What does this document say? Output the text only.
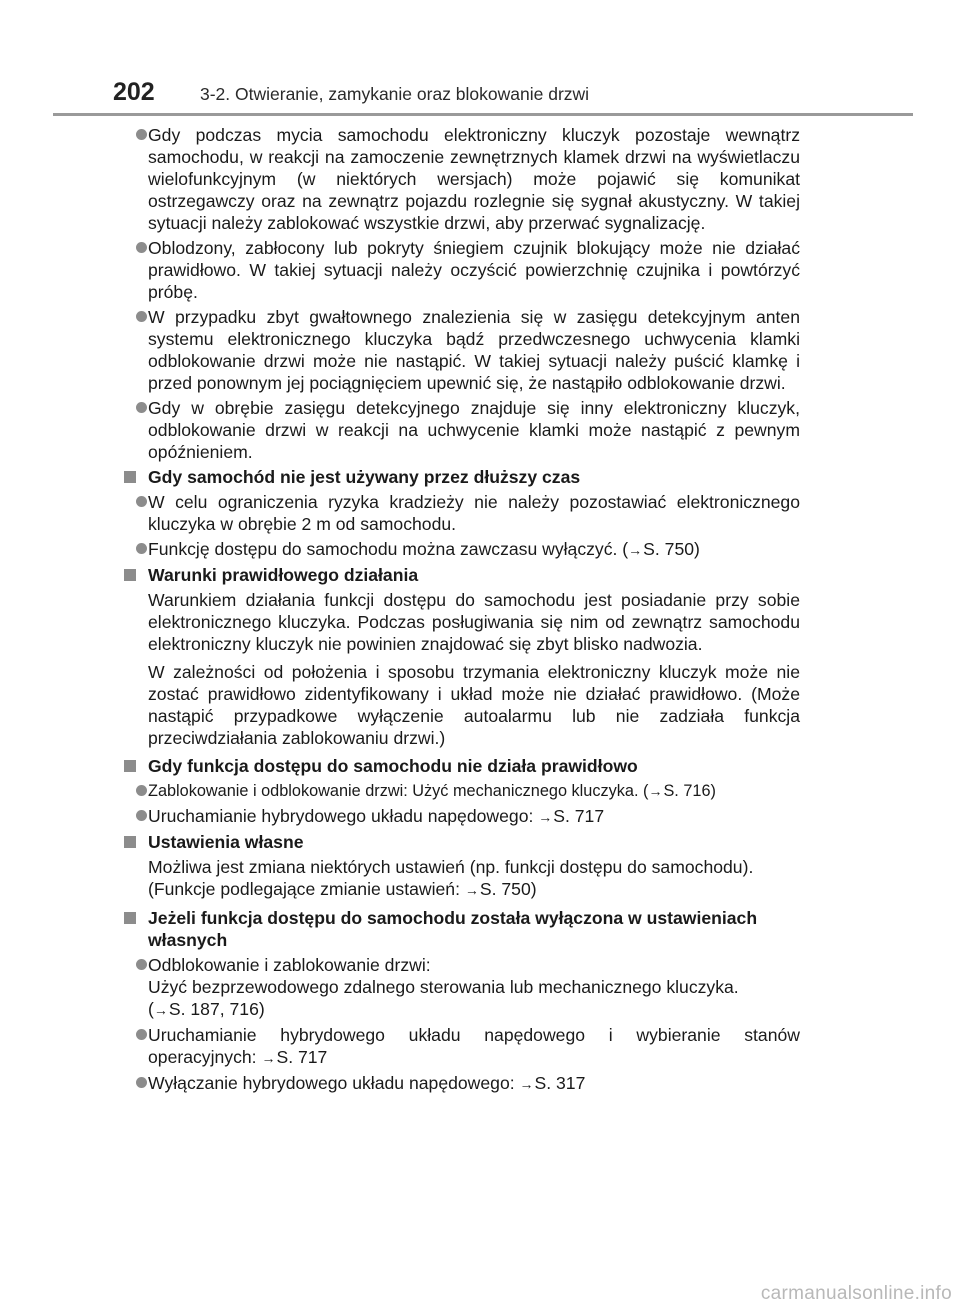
202	3-2. Otwieranie, zamykanie oraz blokowanie drzwi
Gdy podczas mycia samochodu elektroniczny kluczyk pozostaje wewnątrz samochodu, w reakcji na zamoczenie zewnętrznych klamek drzwi na wyświetlaczu wielofunkcyjnym (w niektórych wersjach) może pojawić się komunikat ostrzegawczy oraz na zewnątrz pojazdu rozlegnie się sygnał akustyczny. W takiej sytuacji należy zablokować wszystkie drzwi, aby przerwać sygnalizację.
Oblodzony, zabłocony lub pokryty śniegiem czujnik blokujący może nie działać prawidłowo. W takiej sytuacji należy oczyścić powierzchnię czujnika i powtórzyć próbę.
W przypadku zbyt gwałtownego znalezienia się w zasięgu detekcyjnym anten systemu elektronicznego kluczyka bądź przedwczesnego uchwycenia klamki odblokowanie drzwi może nie nastąpić. W takiej sytuacji należy puścić klamkę i przed ponownym jej pociągnięciem upewnić się, że nastąpiło odblokowanie drzwi.
Gdy w obrębie zasięgu detekcyjnego znajduje się inny elektroniczny kluczyk, odblokowanie drzwi w reakcji na uchwycenie klamki może nastąpić z pewnym opóźnieniem.
Gdy samochód nie jest używany przez dłuższy czas
W celu ograniczenia ryzyka kradzieży nie należy pozostawiać elektronicznego kluczyka w obrębie 2 m od samochodu.
Funkcję dostępu do samochodu można zawczasu wyłączyć. (→S. 750)
Warunki prawidłowego działania
Warunkiem działania funkcji dostępu do samochodu jest posiadanie przy sobie elektronicznego kluczyka. Podczas posługiwania się nim od zewnątrz samochodu elektroniczny kluczyk nie powinien znajdować się zbyt blisko nadwozia.
W zależności od położenia i sposobu trzymania elektroniczny kluczyk może nie zostać prawidłowo zidentyfikowany i układ może nie działać prawidłowo. (Może nastąpić przypadkowe wyłączenie autoalarmu lub nie zadziała funkcja przeciwdziałania zablokowaniu drzwi.)
Gdy funkcja dostępu do samochodu nie działa prawidłowo
Zablokowanie i odblokowanie drzwi: Użyć mechanicznego kluczyka. (→S. 716)
Uruchamianie hybrydowego układu napędowego: →S. 717
Ustawienia własne
Możliwa jest zmiana niektórych ustawień (np. funkcji dostępu do samochodu).
(Funkcje podlegające zmianie ustawień: →S. 750)
Jeżeli funkcja dostępu do samochodu została wyłączona w ustawieniach własnych
Odblokowanie i zablokowanie drzwi:
Użyć bezprzewodowego zdalnego sterowania lub mechanicznego kluczyka.
(→S. 187, 716)
Uruchamianie hybrydowego układu napędowego i wybieranie stanów operacyjnych: →S. 717
Wyłączanie hybrydowego układu napędowego: →S. 317
carmanualsonline.info
